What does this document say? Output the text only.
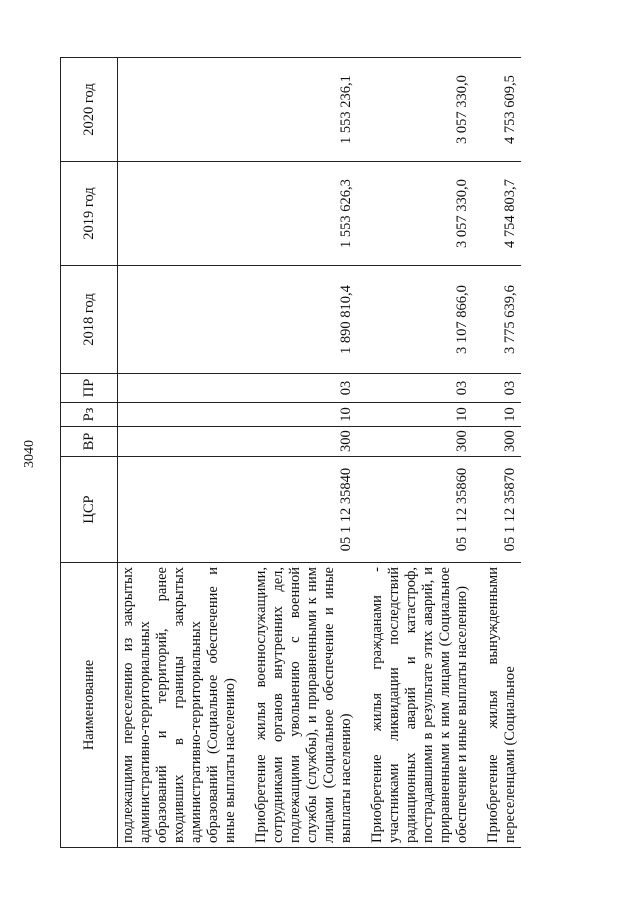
3040
Наименование	ЦСР	ВР	Рз	ПР	2018 год	2019 год	2020 год
подлежащими переселению из закрытых административно-территориальных образований и территорий, ранее входивших в границы закрытых административно-территориальных образований (Социальное обеспечение и иные выплаты населению)							

Приобретение жилья военнослужащими, сотрудниками органов внутренних дел, подлежащими увольнению с военной службы (службы), и приравненными к ним лицами (Социальное обеспечение и иные выплаты населению)	05 1 12 35840	300	10	03	1 890 810,4	1 553 626,3	1 553 236,1

Приобретение жилья гражданами - участниками ликвидации последствий радиационных аварий и катастроф, пострадавшими в результате этих аварий, и приравненными к ним лицами (Социальное обеспечение и иные выплаты населению)	05 1 12 35860	300	10	03	3 107 866,0	3 057 330,0	3 057 330,0

Приобретение жилья вынужденными переселенцами (Социальное	05 1 12 35870	300	10	03	3 775 639,6	4 754 803,7	4 753 609,5
